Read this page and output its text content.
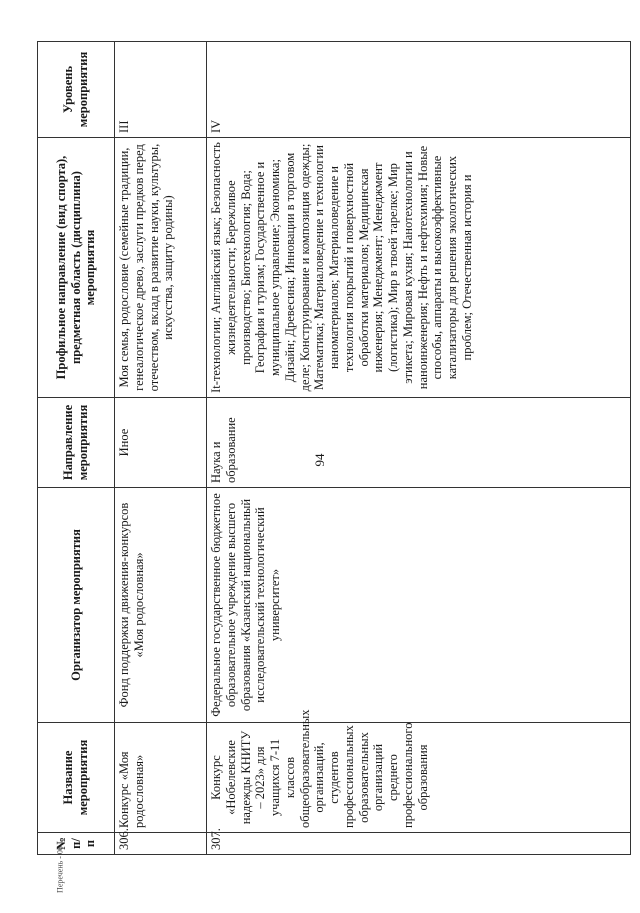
94
Перечень - 06
№ п/п	Название мероприятия	Организатор мероприятия	Направление мероприятия	Профильное направление (вид спорта), предметная область (дисциплина) мероприятия	Уровень мероприятия
306.	Конкурс «Моя родословная»	Фонд поддержки движения-конкурсов «Моя родословная»	Иное	Моя семья, родословие (семейные традиции, генеалогическое древо, заслуги предков перед отечеством, вклад в развитие науки, культуры, искусства, защиту родины)	III
307.	Конкурс «Нобелевские надежды КНИТУ – 2023» для учащихся 7-11 классов общеобразовательных организаций, студентов профессиональных образовательных организаций среднего профессионального образования	Федеральное государственное бюджетное образовательное учреждение высшего образования «Казанский национальный исследовательский технологический университет»	Наука и образование	It-технологии; Английский язык; Безопасность жизнедеятельности; Бережливое производство; Биотехнология; Вода; География и туризм; Государственное и муниципальное управление; Экономика; Дизайн; Древесина; Инновации в торговом деле; Конструирование и композиция одежды; Математика; Материаловедение и технологии наноматериалов; Материаловедение и технология покрытий и поверхностной обработки материалов; Медицинская инженерия; Менеджмент; Менеджмент (логистика); Мир в твоей тарелке; Мир этикета; Мировая кухня; Нанотехнологии и наноинженерия; Нефть и нефтехимия; Новые способы, аппараты и высокоэффективные катализаторы для решения экологических проблем; Отечественная история и	IV
